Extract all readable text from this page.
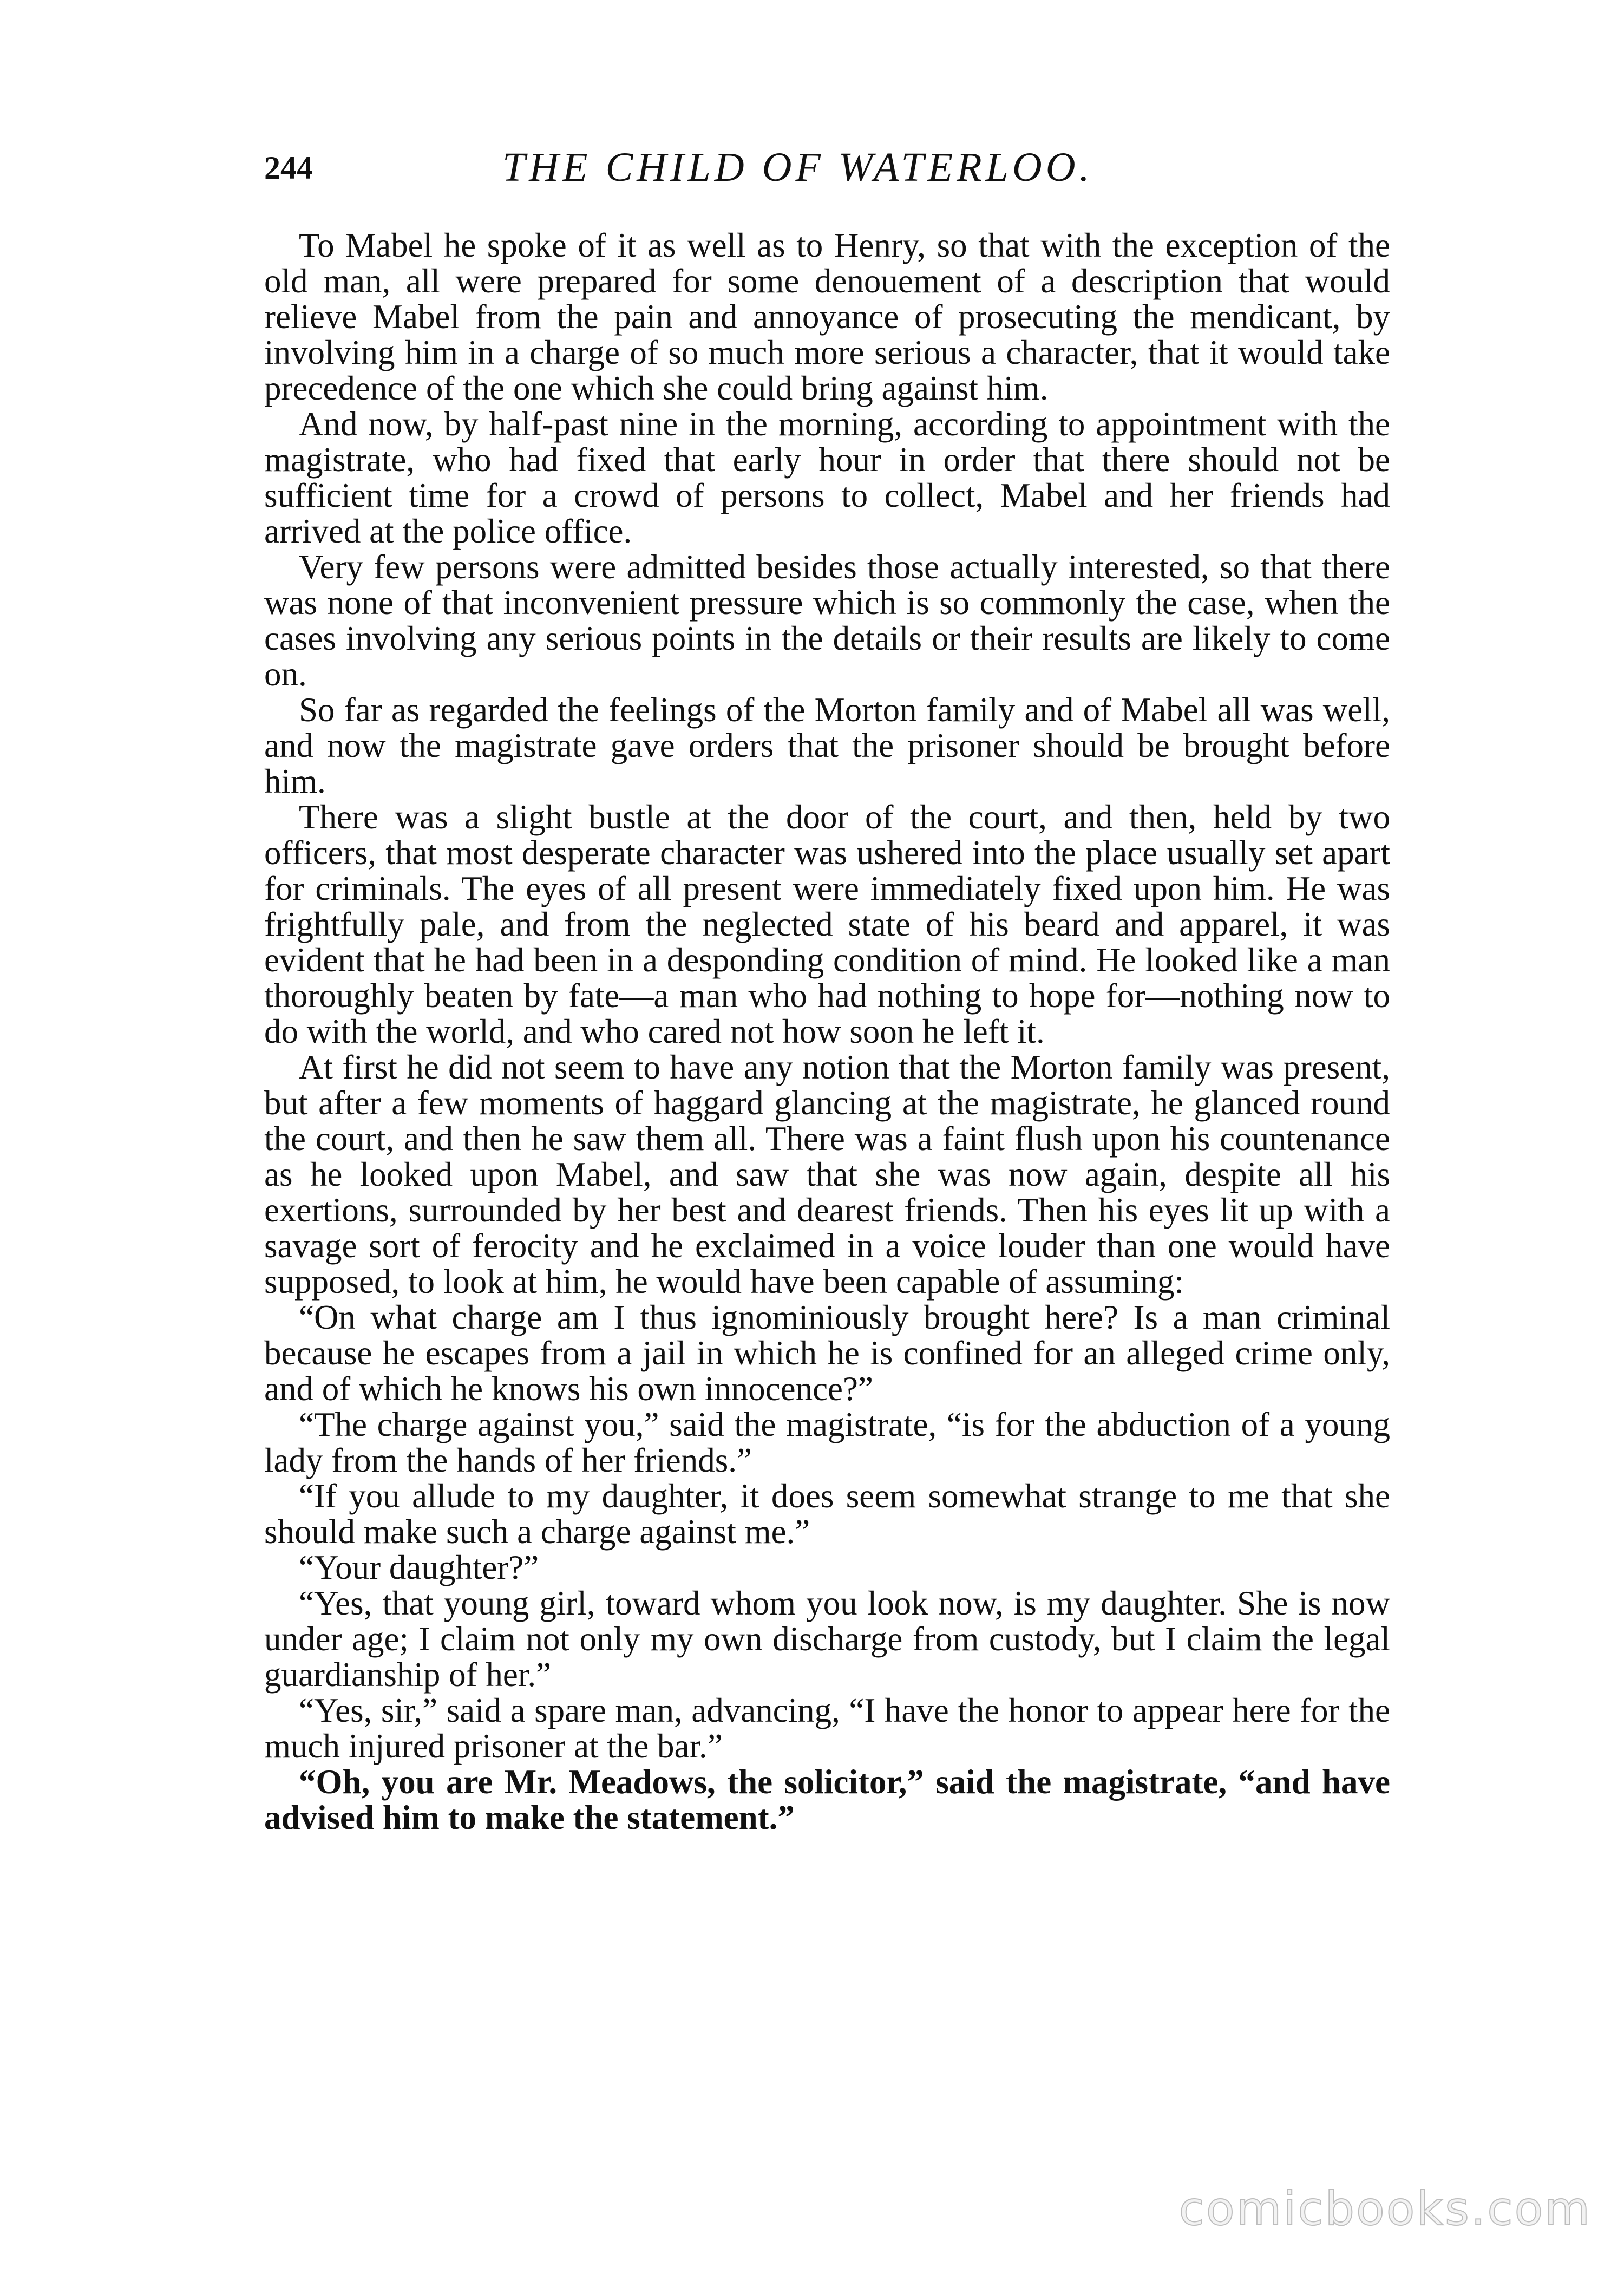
244	THE CHILD OF WATERLOO.

To Mabel he spoke of it as well as to Henry, so that with the exception of the old man, all were prepared for some denouement of a description that would relieve Mabel from the pain and annoyance of prosecuting the mendicant, by involving him in a charge of so much more serious a character, that it would take precedence of the one which she could bring against him.

And now, by half-past nine in the morning, according to appointment with the magistrate, who had fixed that early hour in order that there should not be sufficient time for a crowd of persons to collect, Mabel and her friends had arrived at the police office.

Very few persons were admitted besides those actually interested, so that there was none of that inconvenient pressure which is so commonly the case, when the cases involving any serious points in the details or their results are likely to come on.

So far as regarded the feelings of the Morton family and of Mabel all was well, and now the magistrate gave orders that the prisoner should be brought before him.

There was a slight bustle at the door of the court, and then, held by two officers, that most desperate character was ushered into the place usually set apart for criminals. The eyes of all present were immediately fixed upon him. He was frightfully pale, and from the neglected state of his beard and apparel, it was evident that he had been in a desponding condition of mind. He looked like a man thoroughly beaten by fate—a man who had nothing to hope for—nothing now to do with the world, and who cared not how soon he left it.

At first he did not seem to have any notion that the Morton family was present, but after a few moments of haggard glancing at the magistrate, he glanced round the court, and then he saw them all. There was a faint flush upon his countenance as he looked upon Mabel, and saw that she was now again, despite all his exertions, surrounded by her best and dearest friends. Then his eyes lit up with a savage sort of ferocity and he exclaimed in a voice louder than one would have supposed, to look at him, he would have been capable of assuming:

“On what charge am I thus ignominiously brought here? Is a man criminal because he escapes from a jail in which he is confined for an alleged crime only, and of which he knows his own innocence?”

“The charge against you,” said the magistrate, “is for the abduction of a young lady from the hands of her friends.”

“If you allude to my daughter, it does seem somewhat strange to me that she should make such a charge against me.”

“Your daughter?”

“Yes, that young girl, toward whom you look now, is my daughter. She is now under age; I claim not only my own discharge from custody, but I claim the legal guardianship of her.”

“Yes, sir,” said a spare man, advancing, “I have the honor to appear here for the much injured prisoner at the bar.”

“Oh, you are Mr. Meadows, the solicitor,” said the magistrate, “and have advised him to make the statement.”

comicbooks.com
